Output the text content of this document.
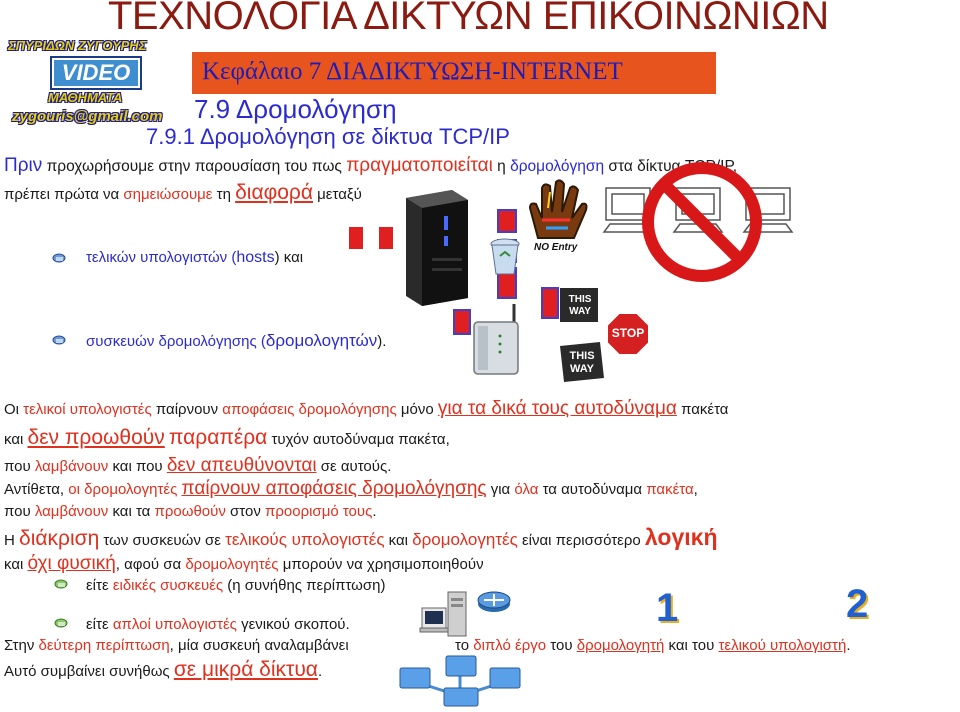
ΤΕΧΝΟΛΟΓΙΑ ΔΙΚΤΥΩΝ ΕΠΙΚΟΙΝΩΝΙΩΝ
Κεφάλαιο 7 ΔΙΑΔΙΚΤΥΩΣΗ-INTERNET
ΣΠΥΡΙΔΩΝ ΖΥΓΟΥΡΗΣ
VIDEO
ΜΑΘΗΜΑΤΑ
zygouris@gmail.com 7.9 Δρομολόγηση
7.9.1 Δρομολόγηση σε δίκτυα TCP/IP
Πριν προχωρήσουμε στην παρουσίαση του πως πραγματοποιείται η δρομολόγηση στα δίκτυα TCP/IP,
πρέπει πρώτα να σημειώσουμε τη διαφορά μεταξύ
τελικών υπολογιστών (hosts) και
συσκευών δρομολόγησης (δρομολογητών).
NO Entry
THIS WAY
THIS WAY
STOP
Οι τελικοί υπολογιστές παίρνουν αποφάσεις δρομολόγησης μόνο για τα δικά τους αυτοδύναμα πακέτα
και δεν προωθούν παραπέρα τυχόν αυτοδύναμα πακέτα,
που λαμβάνουν και που δεν απευθύνονται σε αυτούς.
Αντίθετα, οι δρομολογητές παίρνουν αποφάσεις δρομολόγησης για όλα τα αυτοδύναμα πακέτα,
που λαμβάνουν και τα προωθούν στον προορισμό τους.
Η διάκριση των συσκευών σε τελικούς υπολογιστές και δρομολογητές είναι περισσότερο λογική
και όχι φυσική, αφού σα δρομολογητές μπορούν να χρησιμοποιηθούν
είτε ειδικές συσκευές (η συνήθης περίπτωση)
είτε απλοί υπολογιστές γενικού σκοπού.
Στην δεύτερη περίπτωση, μία συσκευή αναλαμβάνει	το διπλό έργο του δρομολογητή και του τελικού υπολογιστή.
Αυτό συμβαίνει συνήθως σε μικρά δίκτυα.
1	2
